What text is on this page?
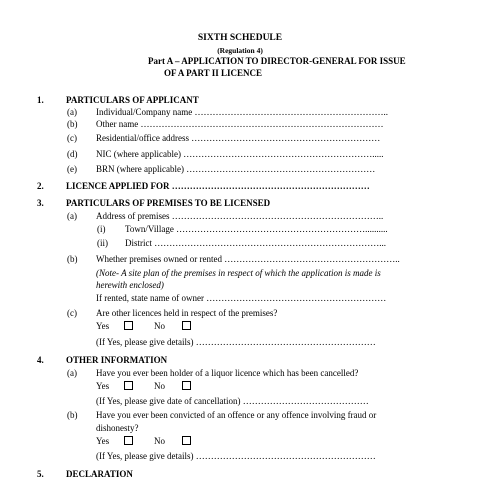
SIXTH SCHEDULE
(Regulation 4)
Part A – APPLICATION TO DIRECTOR-GENERAL FOR ISSUE
OF A PART II LICENCE
1. PARTICULARS OF APPLICANT
(a) Individual/Company name ………………………………………………………..
(b) Other name ………………………………………………………………………
(c) Residential/office address ………………………………………………………
(d) NIC (where applicable) ……………………………………………………….....
(e) BRN (where applicable) ………………………………………………………
2. LICENCE APPLIED FOR …………………………………………………………
3. PARTICULARS OF PREMISES TO BE LICENSED
(a) Address of premises ……………………………………………………………..
(i) Town/Village ………………………………………………………..........
(ii) District …………………………………………………………………...
(b) Whether premises owned or rented …………………………………………………..
(Note- A site plan of the premises in respect of which the application is made is
herewith enclosed)
If rented, state name of owner ……………………………………………………
(c) Are other licences held in respect of the premises?
Yes	No
(If Yes, please give details) ……………………………………………………
4. OTHER INFORMATION
(a) Have you ever been holder of a liquor licence which has been cancelled?
Yes	No
(If Yes, please give date of cancellation) ……………………………………
(b) Have you ever been convicted of an offence or any offence involving fraud or
dishonesty?
Yes	No
(If Yes, please give details) ……………………………………………………
5. DECLARATION
